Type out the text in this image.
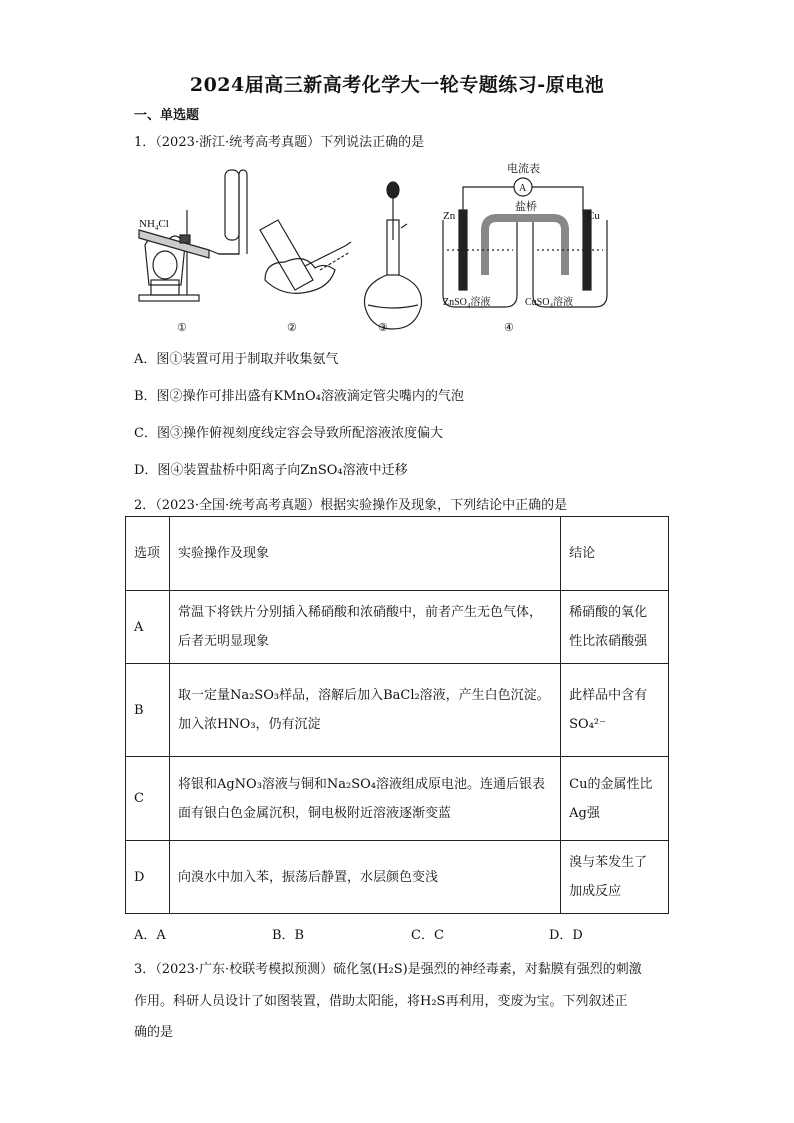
2024届高三新高考化学大一轮专题练习-原电池
一、单选题
1．（2023·浙江·统考高考真题）下列说法正确的是
$NH_4Cl$
电流表
A
Zn	Cu
盐桥
ZnSO$_4$溶液	CuSO$_4$溶液
①	②	③	④
A．图①装置可用于制取并收集氨气
B．图②操作可排出盛有KMnO₄溶液滴定管尖嘴内的气泡
C．图③操作俯视刻度线定容会导致所配溶液浓度偏大
D．图④装置盐桥中阳离子向ZnSO₄溶液中迁移
2．（2023·全国·统考高考真题）根据实验操作及现象，下列结论中正确的是
选项	实验操作及现象	结论
A	常温下将铁片分别插入稀硝酸和浓硝酸中，前者产生无色气体，后者无明显现象	稀硝酸的氧化性比浓硝酸强
B	取一定量Na₂SO₃样品，溶解后加入BaCl₂溶液，产生白色沉淀。加入浓HNO₃，仍有沉淀	此样品中含有SO₄²⁻
C	将银和AgNO₃溶液与铜和Na₂SO₄溶液组成原电池。连通后银表面有银白色金属沉积，铜电极附近溶液逐渐变蓝	Cu的金属性比Ag强
D	向溴水中加入苯，振荡后静置，水层颜色变浅	溴与苯发生了加成反应
A．A	B．B	C．C	D．D
3．（2023·广东·校联考模拟预测）硫化氢(H₂S)是强烈的神经毒素，对黏膜有强烈的刺激
作用。科研人员设计了如图装置，借助太阳能，将H₂S再利用，变废为宝。下列叙述正
确的是
